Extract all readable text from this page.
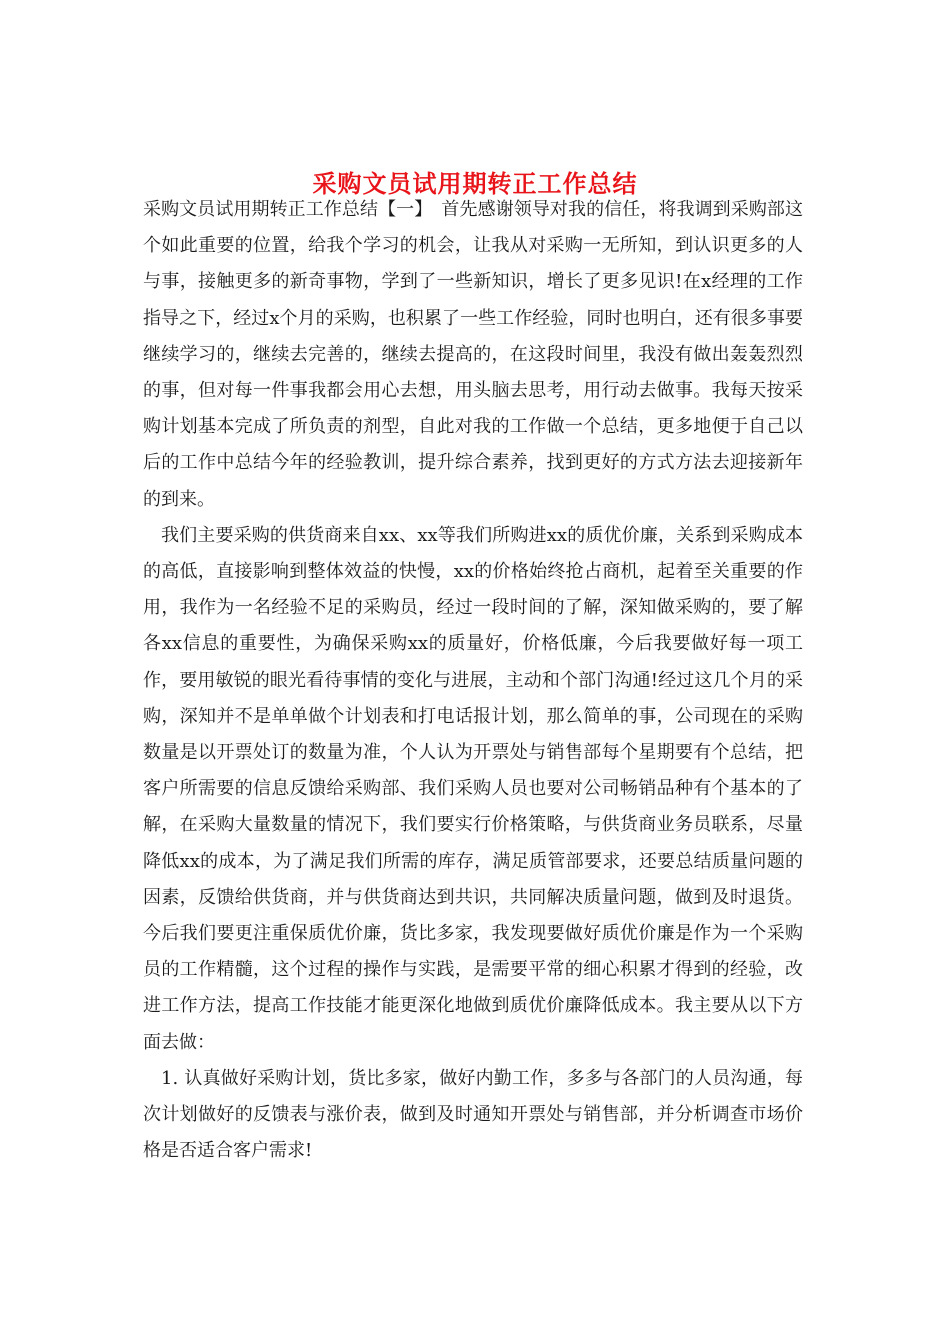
采购文员试用期转正工作总结

采购文员试用期转正工作总结【一】　首先感谢领导对我的信任，将我调到采购部这个如此重要的位置，给我个学习的机会，让我从对采购一无所知，到认识更多的人与事，接触更多的新奇事物，学到了一些新知识，增长了更多见识!在x经理的工作指导之下，经过x个月的采购，也积累了一些工作经验，同时也明白，还有很多事要继续学习的，继续去完善的，继续去提高的，在这段时间里，我没有做出轰轰烈烈的事，但对每一件事我都会用心去想，用头脑去思考，用行动去做事。我每天按采购计划基本完成了所负责的剂型，自此对我的工作做一个总结，更多地便于自己以后的工作中总结今年的经验教训，提升综合素养，找到更好的方式方法去迎接新年的到来。

我们主要采购的供货商来自xx、xx等我们所购进xx的质优价廉，关系到采购成本的高低，直接影响到整体效益的快慢，xx的价格始终抢占商机，起着至关重要的作用，我作为一名经验不足的采购员，经过一段时间的了解，深知做采购的，要了解各xx信息的重要性，为确保采购xx的质量好，价格低廉，今后我要做好每一项工作，要用敏锐的眼光看待事情的变化与进展，主动和个部门沟通!经过这几个月的采购，深知并不是单单做个计划表和打电话报计划，那么简单的事，公司现在的采购数量是以开票处订的数量为准，个人认为开票处与销售部每个星期要有个总结，把客户所需要的信息反馈给采购部、我们采购人员也要对公司畅销品种有个基本的了解，在采购大量数量的情况下，我们要实行价格策略，与供货商业务员联系，尽量降低xx的成本，为了满足我们所需的库存，满足质管部要求，还要总结质量问题的因素，反馈给供货商，并与供货商达到共识，共同解决质量问题，做到及时退货。今后我们要更注重保质优价廉，货比多家，我发现要做好质优价廉是作为一个采购员的工作精髓，这个过程的操作与实践，是需要平常的细心积累才得到的经验，改进工作方法，提高工作技能才能更深化地做到质优价廉降低成本。我主要从以下方面去做：

1. 认真做好采购计划，货比多家，做好内勤工作，多多与各部门的人员沟通，每次计划做好的反馈表与涨价表，做到及时通知开票处与销售部，并分析调查市场价格是否适合客户需求!
